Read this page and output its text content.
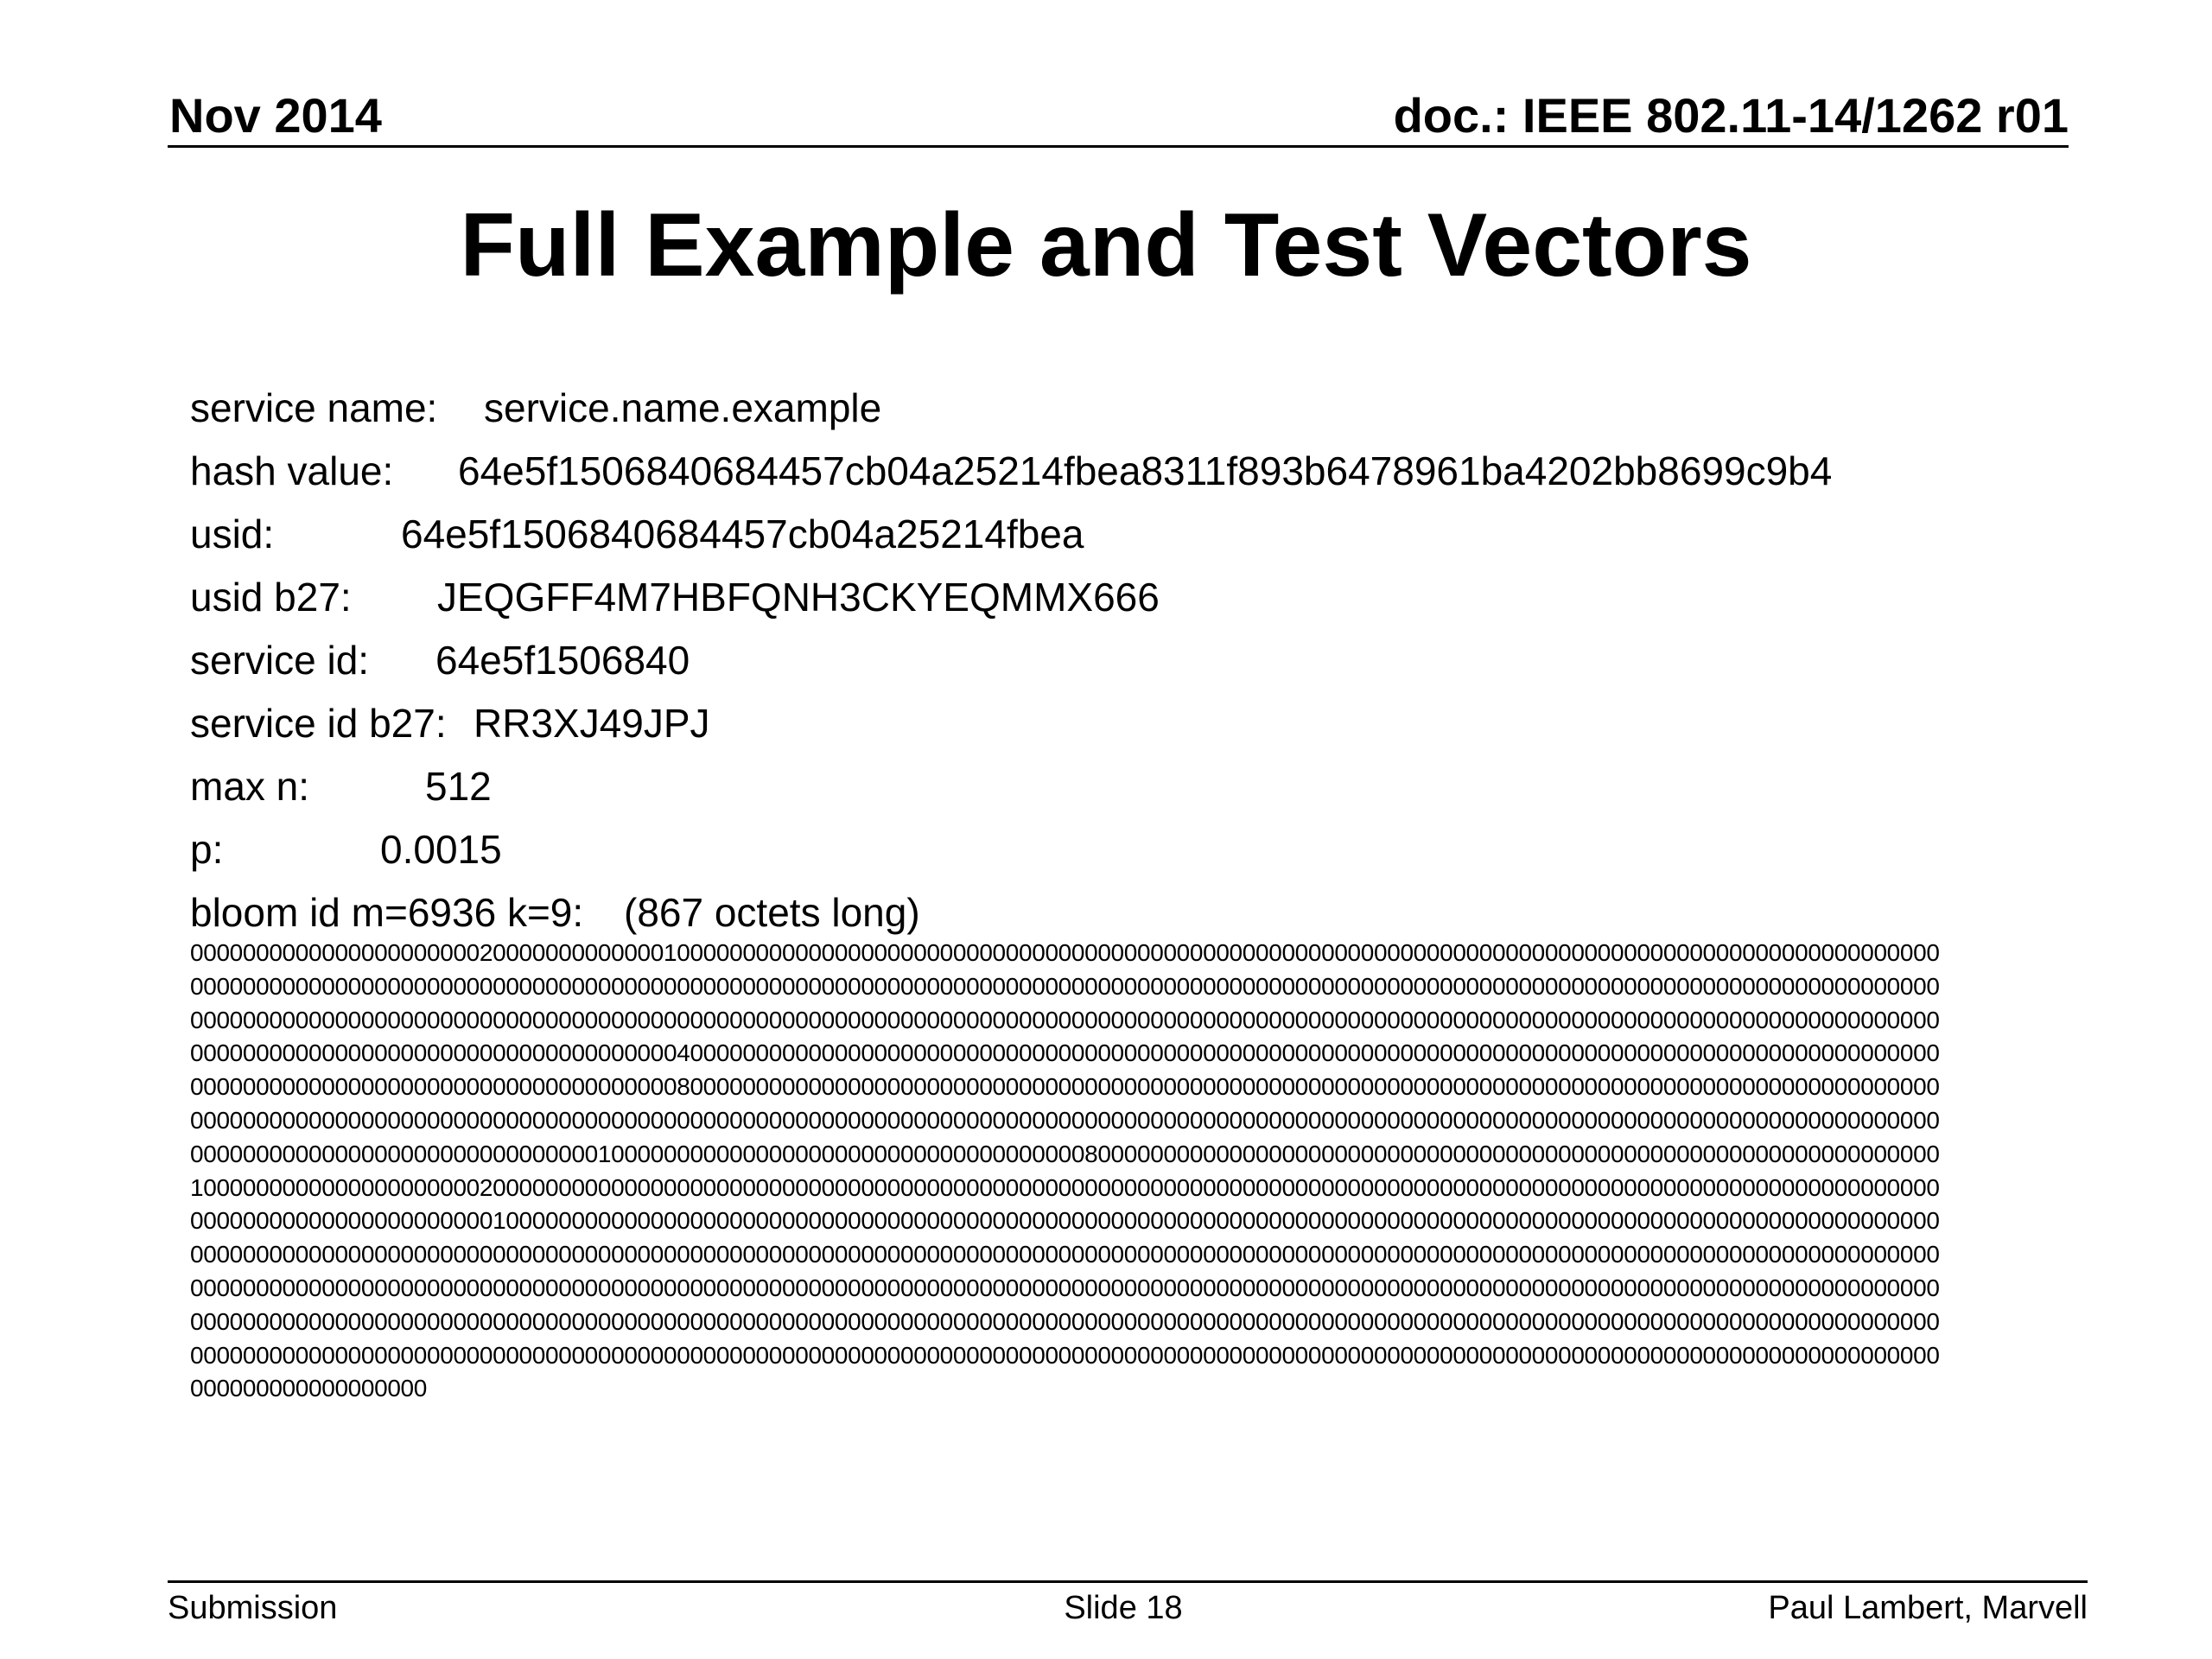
Nov 2014	doc.: IEEE 802.11-14/1262 r01
Full Example and Test Vectors
service name: service.name.example
hash value: 64e5f1506840684457cb04a25214fbea8311f893b6478961ba4202bb8699c9b4
usid:	64e5f1506840684457cb04a25214fbea
usid b27: JEQGFF4M7HBFQNH3CKYEQMMX666
service id: 64e5f1506840
service id b27: RR3XJ49JPJ
max n:	512
p:	0.0015
bloom id m=6936 k=9: (867 octets long)
0000000000000000000000200000000000001000000000000000000000000000000000000000000000000000000000000000000000000000000000000000000000000
0000000000000000000000000000000000000000000000000000000000000000000000000000000000000000000000000000000000000000000000000000000000000
0000000000000000000000000000000000000000000000000000000000000000000000000000000000000000000000000000000000000000000000000000000000000
0000000000000000000000000000000000000400000000000000000000000000000000000000000000000000000000000000000000000000000000000000000000000
0000000000000000000000000000000000000800000000000000000000000000000000000000000000000000000000000000000000000000000000000000000000000
0000000000000000000000000000000000000000000000000000000000000000000000000000000000000000000000000000000000000000000000000000000000000
0000000000000000000000000000000100000000000000000000000000000000000080000000000000000000000000000000000000000000000000000000000000000
1000000000000000000000200000000000000000000000000000000000000000000000000000000000000000000000000000000000000000000000000000000000000
0000000000000000000000010000000000000000000000000000000000000000000000000000000000000000000000000000000000000000000000000000000000000
0000000000000000000000000000000000000000000000000000000000000000000000000000000000000000000000000000000000000000000000000000000000000
0000000000000000000000000000000000000000000000000000000000000000000000000000000000000000000000000000000000000000000000000000000000000
0000000000000000000000000000000000000000000000000000000000000000000000000000000000000000000000000000000000000000000000000000000000000
0000000000000000000000000000000000000000000000000000000000000000000000000000000000000000000000000000000000000000000000000000000000000
000000000000000000
Submission	Slide 18	Paul Lambert, Marvell
